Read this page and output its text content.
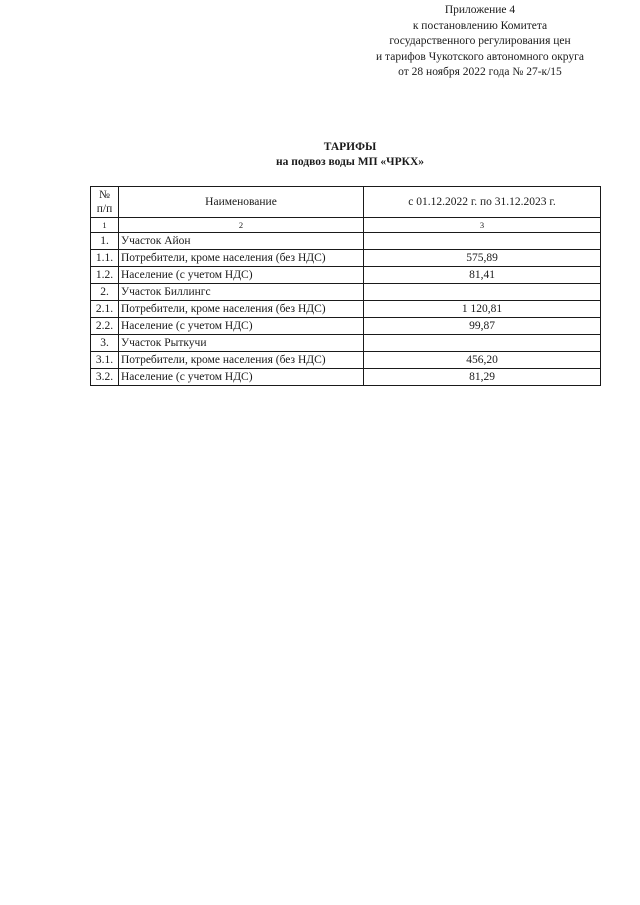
Приложение 4
к постановлению Комитета
государственного регулирования цен
и тарифов Чукотского автономного округа
от 28 ноября 2022 года № 27-к/15
ТАРИФЫ
на подвоз воды МП «ЧРКХ»
№
п/п	Наименование	с 01.12.2022 г. по 31.12.2023 г.
1	2	3
1.	Участок Айон	
1.1.	Потребители, кроме населения (без НДС)	575,89
1.2.	Население (с учетом НДС)	81,41
2.	Участок Биллингс	
2.1.	Потребители, кроме населения (без НДС)	1 120,81
2.2.	Население (с учетом НДС)	99,87
3.	Участок Рыткучи	
3.1.	Потребители, кроме населения (без НДС)	456,20
3.2.	Население (с учетом НДС)	81,29
